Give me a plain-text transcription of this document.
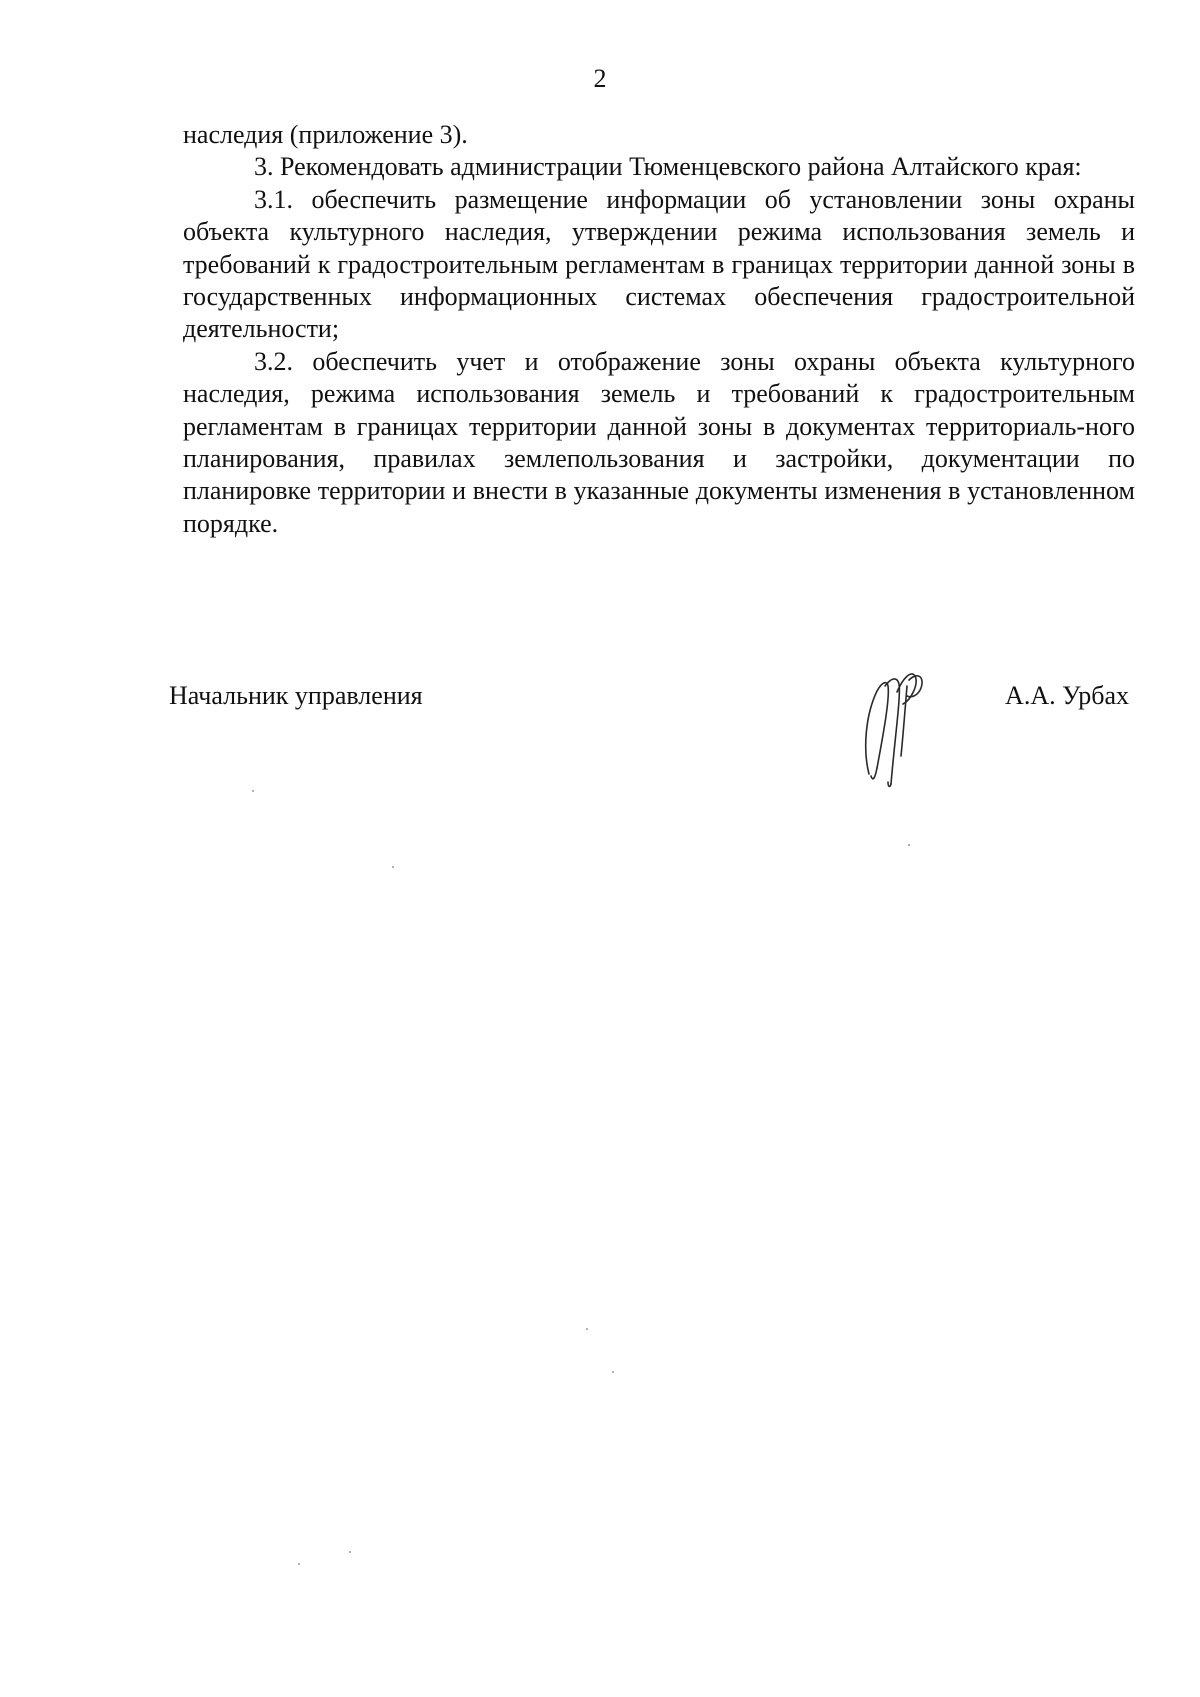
2

наследия (приложение 3).

3. Рекомендовать администрации Тюменцевского района Алтайского края:

3.1. обеспечить размещение информации об установлении зоны охраны объекта культурного наследия, утверждении режима использования земель и требований к градостроительным регламентам в границах территории данной зоны в государственных информационных системах обеспечения градостроительной деятельности;

3.2. обеспечить учет и отображение зоны охраны объекта культурного наследия, режима использования земель и требований к градостроительным регламентам в границах территории данной зоны в документах территориаль-ного планирования, правилах землепользования и застройки, документации по планировке территории и внести в указанные документы изменения в установленном порядке.

Начальник управления	А.А. Урбах
